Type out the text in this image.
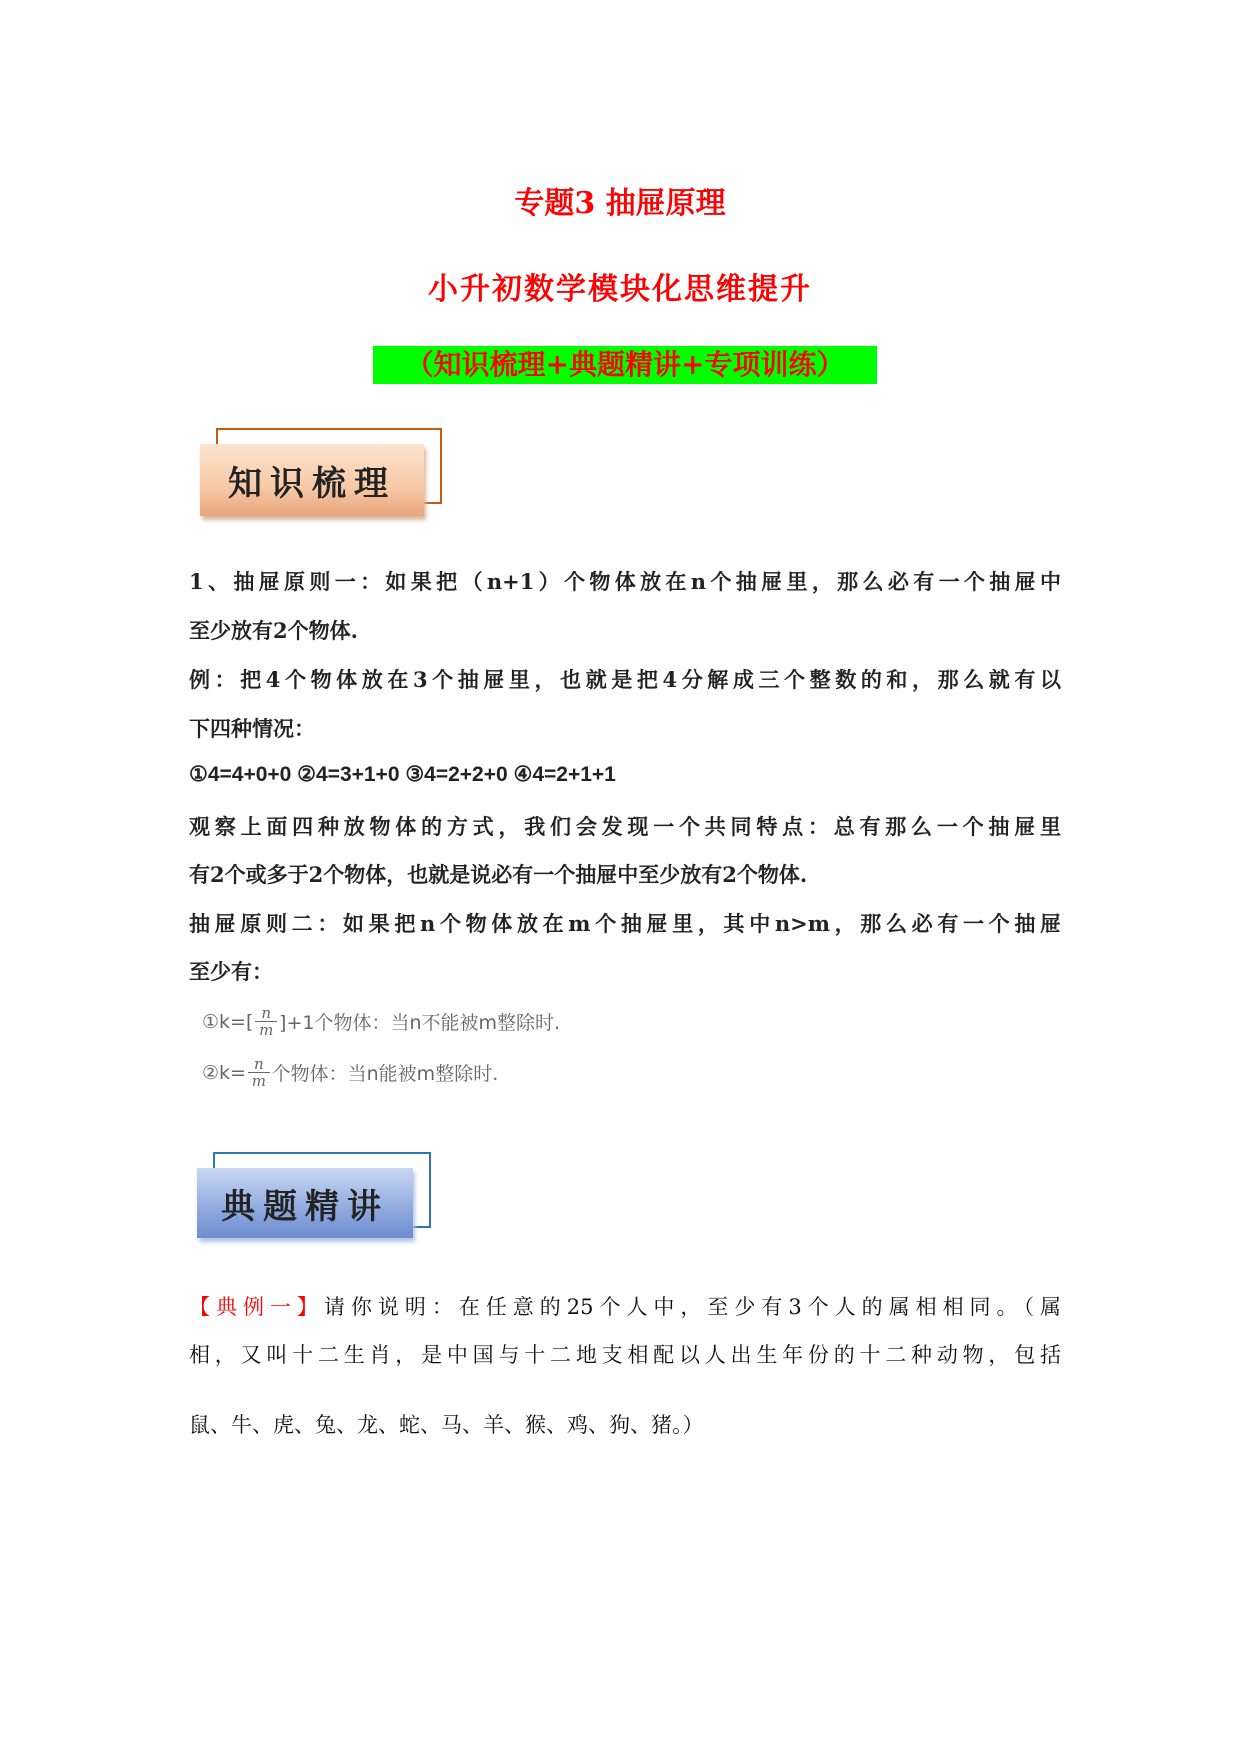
专题3 抽屉原理
小升初数学模块化思维提升
（知识梳理+典题精讲+专项训练）
知识梳理
1、抽屉原则一：如果把（n+1）个物体放在n个抽屉里，那么必有一个抽屉中
至少放有2个物体.
例：把4个物体放在3个抽屉里，也就是把4分解成三个整数的和，那么就有以
下四种情况：
①4=4+0+0 ②4=3+1+0 ③4=2+2+0 ④4=2+1+1
观察上面四种放物体的方式，我们会发现一个共同特点：总有那么一个抽屉里
有2个或多于2个物体，也就是说必有一个抽屉中至少放有2个物体.
抽屉原则二：如果把n个物体放在m个抽屉里，其中n>m，那么必有一个抽屉
至少有：
①k=[ $\frac{n}{m} ]+1$个物体：当n不能被m整除时.
②k= $\frac{n}{m}$ 个物体：当n能被m整除时.
典题精讲
【典例一】请你说明：在任意的25个人中，至少有3个人的属相相同。（属
相，又叫十二生肖，是中国与十二地支相配以人出生年份的十二种动物，包括
鼠、牛、虎、兔、龙、蛇、马、羊、猴、鸡、狗、猪。）
